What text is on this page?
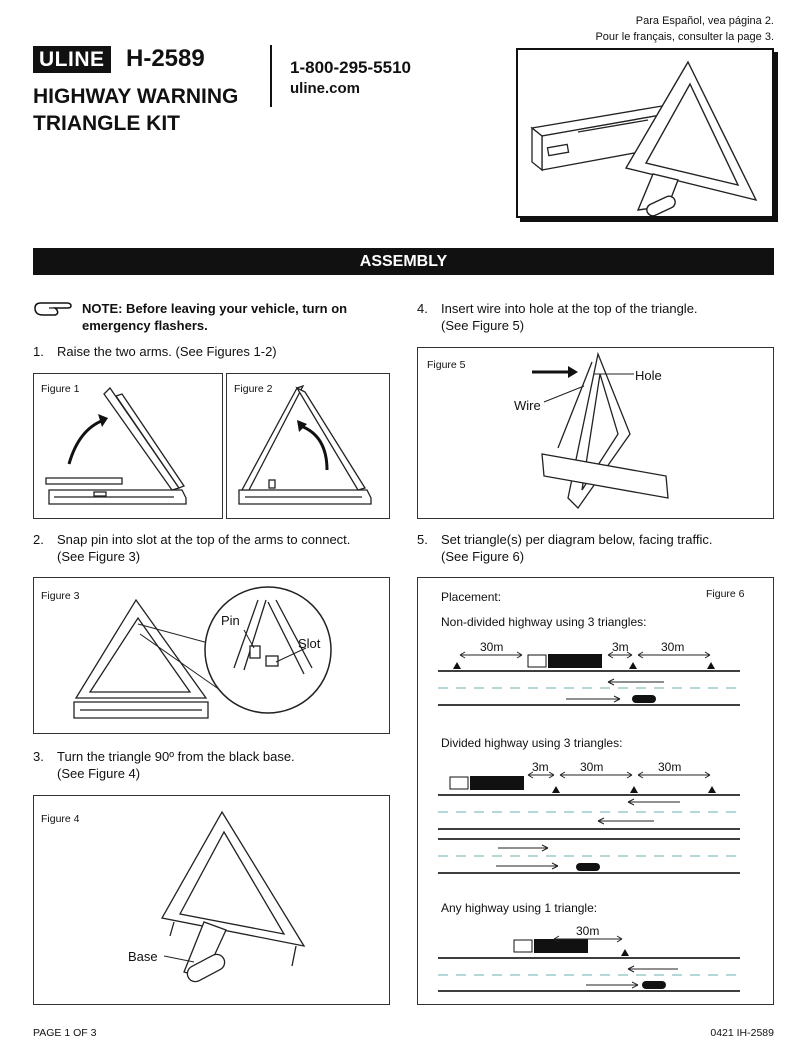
Para Español, vea página 2.
Pour le français, consulter la page 3.
ULINE H-2589
HIGHWAY WARNING
TRIANGLE KIT
1-800-295-5510
uline.com
ASSEMBLY
NOTE: Before leaving your vehicle, turn on
emergency flashers.
1. Raise the two arms. (See Figures 1-2)
Figure 1	Figure 2
2. Snap pin into slot at the top of the arms to connect.
(See Figure 3)
Figure 3
Pin
Slot
3. Turn the triangle 90º from the black base.
(See Figure 4)
Figure 4
Base
4. Insert wire into hole at the top of the triangle.
(See Figure 5)
Figure 5
Hole
Wire
5. Set triangle(s) per diagram below, facing traffic.
(See Figure 6)
Placement:	Figure 6
Non-divided highway using 3 triangles:
Divided highway using 3 triangles:
Any highway using 1 triangle:
30m	3m	30m
3m	30m	30m
30m
PAGE 1 OF 3	0421 IH-2589
